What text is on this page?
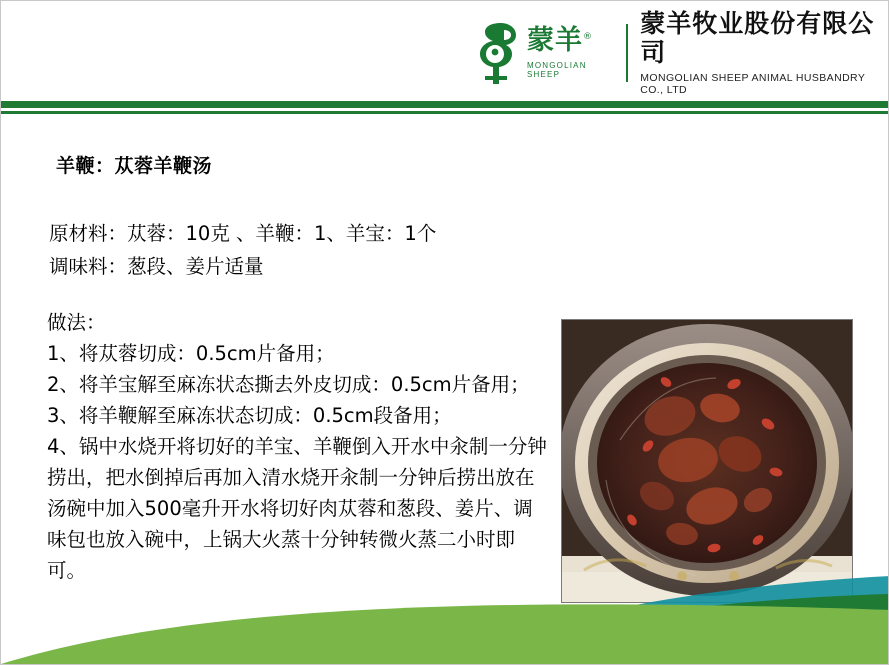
蒙羊®
MONGOLIAN SHEEP
蒙羊牧业股份有限公司
MONGOLIAN SHEEP ANIMAL HUSBANDRY CO., LTD
羊鞭：苁蓉羊鞭汤
原材料：苁蓉：10克 、羊鞭：1、羊宝：1个
调味料：葱段、姜片适量

做法：

1、将苁蓉切成：0.5cm片备用；

2、将羊宝解至麻冻状态撕去外皮切成：0.5cm片备用；

3、将羊鞭解至麻冻状态切成：0.5cm段备用；

4、锅中水烧开将切好的羊宝、羊鞭倒入开水中汆制一分钟捞出，把水倒掉后再加入清水烧开汆制一分钟后捞出放在汤碗中加入500毫升开水将切好肉苁蓉和葱段、姜片、调味包也放入碗中，上锅大火蒸十分钟转微火蒸二小时即可。
